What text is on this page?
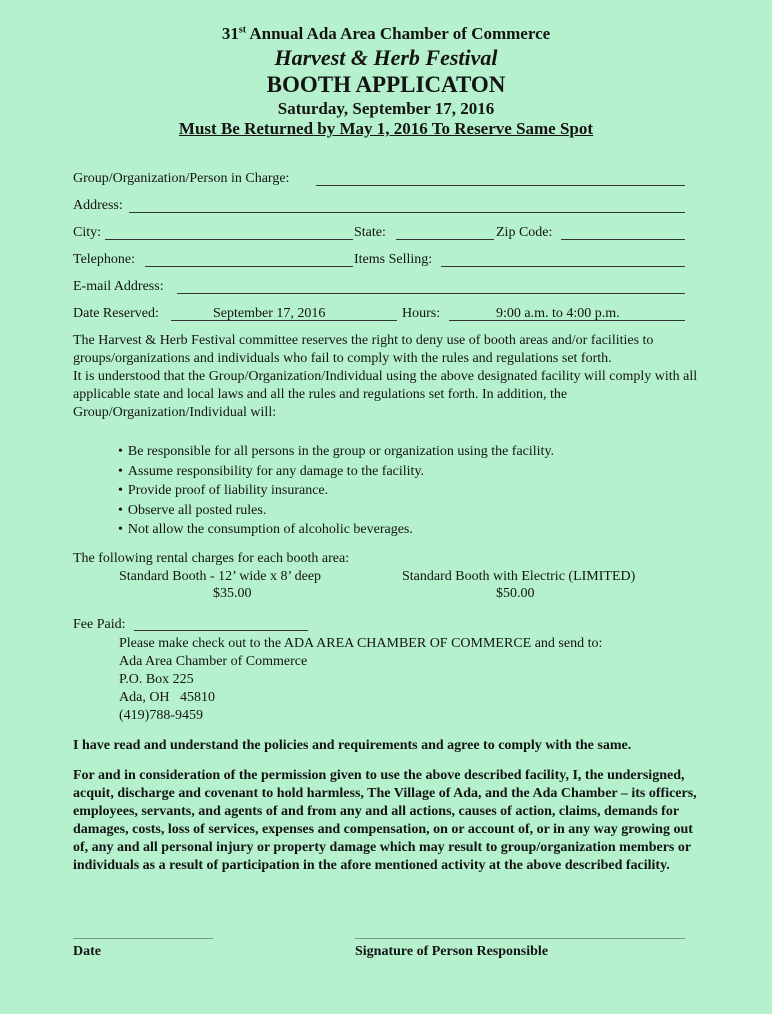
31st Annual Ada Area Chamber of Commerce
Harvest & Herb Festival
BOOTH APPLICATON
Saturday, September 17, 2016
Must Be Returned by May 1, 2016 To Reserve Same Spot
Group/Organization/Person in Charge:
Address:
City:	State:	Zip Code:
Telephone:	Items Selling:
E-mail Address:
Date Reserved:	September 17, 2016	Hours:	9:00 a.m. to 4:00 p.m.

The Harvest & Herb Festival committee reserves the right to deny use of booth areas and/or facilities to groups/organizations and individuals who fail to comply with the rules and regulations set forth.

It is understood that the Group/Organization/Individual using the above designated facility will comply with all applicable state and local laws and all the rules and regulations set forth. In addition, the Group/Organization/Individual will:

• Be responsible for all persons in the group or organization using the facility.
• Assume responsibility for any damage to the facility.
• Provide proof of liability insurance.
• Observe all posted rules.
• Not allow the consumption of alcoholic beverages.
The following rental charges for each booth area:
Standard Booth - 12’ wide x 8’ deep
$35.00
Standard Booth with Electric (LIMITED)
$50.00
Fee Paid:
Please make check out to the ADA AREA CHAMBER OF COMMERCE and send to:
Ada Area Chamber of Commerce
P.O. Box 225
Ada, OH   45810
(419)788-9459
I have read and understand the policies and requirements and agree to comply with the same.
For and in consideration of the permission given to use the above described facility, I, the undersigned, acquit, discharge and covenant to hold harmless, The Village of Ada, and the Ada Chamber – its officers, employees, servants, and agents of and from any and all actions, causes of action, claims, demands for damages, costs, loss of services, expenses and compensation, on or account of, or in any way growing out of, any and all personal injury or property damage which may result to group/organization members or individuals as a result of participation in the afore mentioned activity at the above described facility.
Date	Signature of Person Responsible
